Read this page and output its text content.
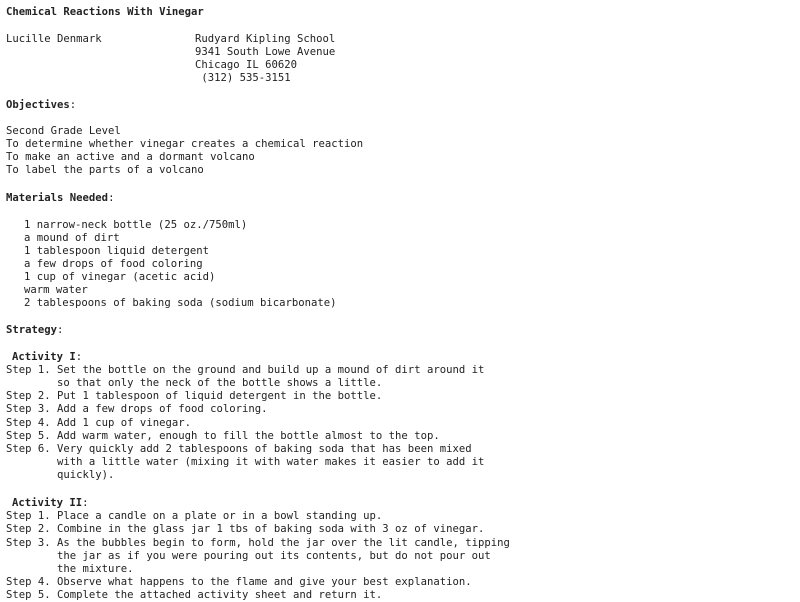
Chemical Reactions With Vinegar
Lucille Denmark	Rudyard Kipling School
9341 South Lowe Avenue
Chicago IL 60620
(312) 535-3151
Objectives:
Second Grade Level
To determine whether vinegar creates a chemical reaction
To make an active and a dormant volcano
To label the parts of a volcano
Materials Needed:
1 narrow-neck bottle (25 oz./750ml)
a mound of dirt
1 tablespoon liquid detergent
a few drops of food coloring
1 cup of vinegar (acetic acid)
warm water
2 tablespoons of baking soda (sodium bicarbonate)
Strategy:
Activity I:
Step 1. Set the bottle on the ground and build up a mound of dirt around it
so that only the neck of the bottle shows a little.
Step 2. Put 1 tablespoon of liquid detergent in the bottle.
Step 3. Add a few drops of food coloring.
Step 4. Add 1 cup of vinegar.
Step 5. Add warm water, enough to fill the bottle almost to the top.
Step 6. Very quickly add 2 tablespoons of baking soda that has been mixed
with a little water (mixing it with water makes it easier to add it
quickly).
Activity II:
Step 1. Place a candle on a plate or in a bowl standing up.
Step 2. Combine in the glass jar 1 tbs of baking soda with 3 oz of vinegar.
Step 3. As the bubbles begin to form, hold the jar over the lit candle, tipping
the jar as if you were pouring out its contents, but do not pour out
the mixture.
Step 4. Observe what happens to the flame and give your best explanation.
Step 5. Complete the attached activity sheet and return it.
